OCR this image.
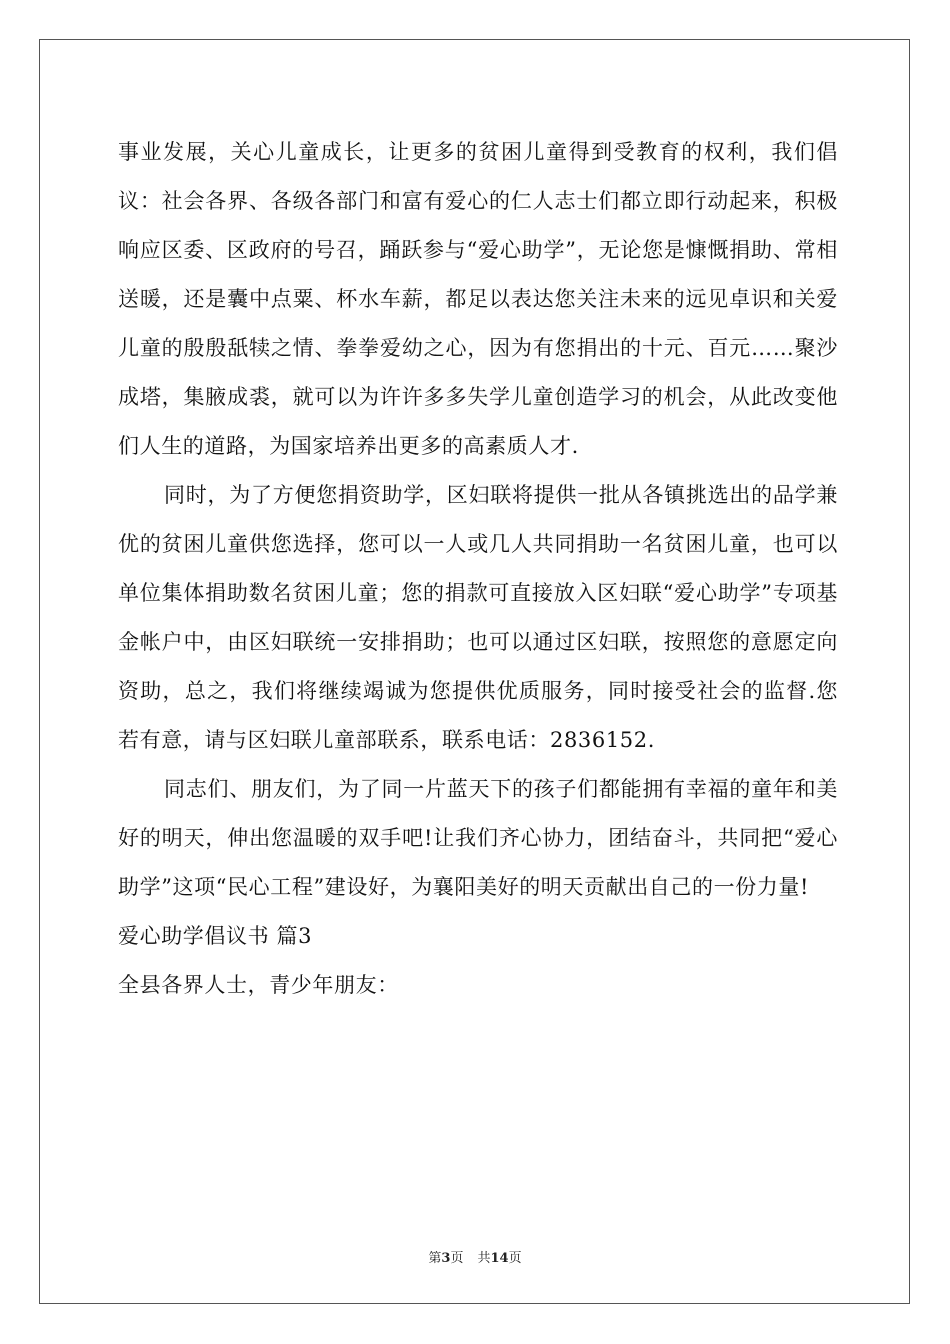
事业发展，关心儿童成长，让更多的贫困儿童得到受教育的权利，我们倡议：社会各界、各级各部门和富有爱心的仁人志士们都立即行动起来，积极响应区委、区政府的号召，踊跃参与“爱心助学”，无论您是慷慨捐助、常相送暖，还是囊中点粟、杯水车薪，都足以表达您关注未来的远见卓识和关爱儿童的殷殷舐犊之情、拳拳爱幼之心，因为有您捐出的十元、百元……聚沙成塔，集腋成裘，就可以为许许多多失学儿童创造学习的机会，从此改变他们人生的道路，为国家培养出更多的高素质人才.

同时，为了方便您捐资助学，区妇联将提供一批从各镇挑选出的品学兼优的贫困儿童供您选择，您可以一人或几人共同捐助一名贫困儿童，也可以单位集体捐助数名贫困儿童；您的捐款可直接放入区妇联“爱心助学”专项基金帐户中，由区妇联统一安排捐助；也可以通过区妇联，按照您的意愿定向资助，总之，我们将继续竭诚为您提供优质服务，同时接受社会的监督.您若有意，请与区妇联儿童部联系，联系电话：2836152.

同志们、朋友们，为了同一片蓝天下的孩子们都能拥有幸福的童年和美好的明天，伸出您温暖的双手吧!让我们齐心协力，团结奋斗，共同把“爱心助学”这项“民心工程”建设好，为襄阳美好的明天贡献出自己的一份力量!

爱心助学倡议书 篇3

全县各界人士，青少年朋友：

第3页 共14页
